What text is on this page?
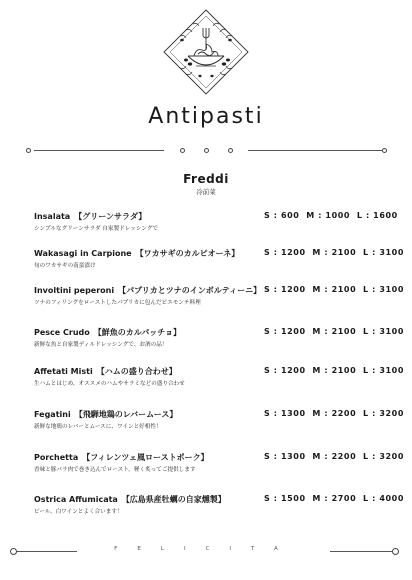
Antipasti
Freddi
冷前菜
Insalata 【グリーンサラダ】	S : 600 M : 1000 L : 1600
シンプルなグリーンサラダ 自家製ドレッシングで
Wakasagi in Carpione 【ワカサギのカルピオーネ】	S : 1200 M : 2100 L : 3100
旬のワカサギの南蛮漬け
Involtini peperoni 【パプリカとツナのインボルティーニ】 S : 1200 M : 2100 L : 3100
ツナのフィリングをローストしたパプリカに包んだピエモンテ料理
Pesce Crudo 【鮮魚のカルパッチョ】	S : 1200 M : 2100 L : 3100
新鮮な魚と自家製ディルドレッシングで、お酒の品！
Affetati Misti 【ハムの盛り合わせ】	S : 1200 M : 2100 L : 3100
生ハムとはじめ、オススメのハムやサラミなどの盛り合わせ
Fegatini 【飛騨地鶏のレバームース】	S : 1300 M : 2200 L : 3200
新鮮な地鶏のレバーとムースに、ワインと好相性！
Porchetta 【フィレンツェ風ローストポーク】	S : 1300 M : 2200 L : 3200
香味と豚バラ肉で巻き込んでロースト。軽く炙ってご提供します
Ostrica Affumicata 【広島県産牡蠣の自家燻製】	S : 1500 M : 2700 L : 4000
ビール、白ワインとよく合います！
FELICITA
